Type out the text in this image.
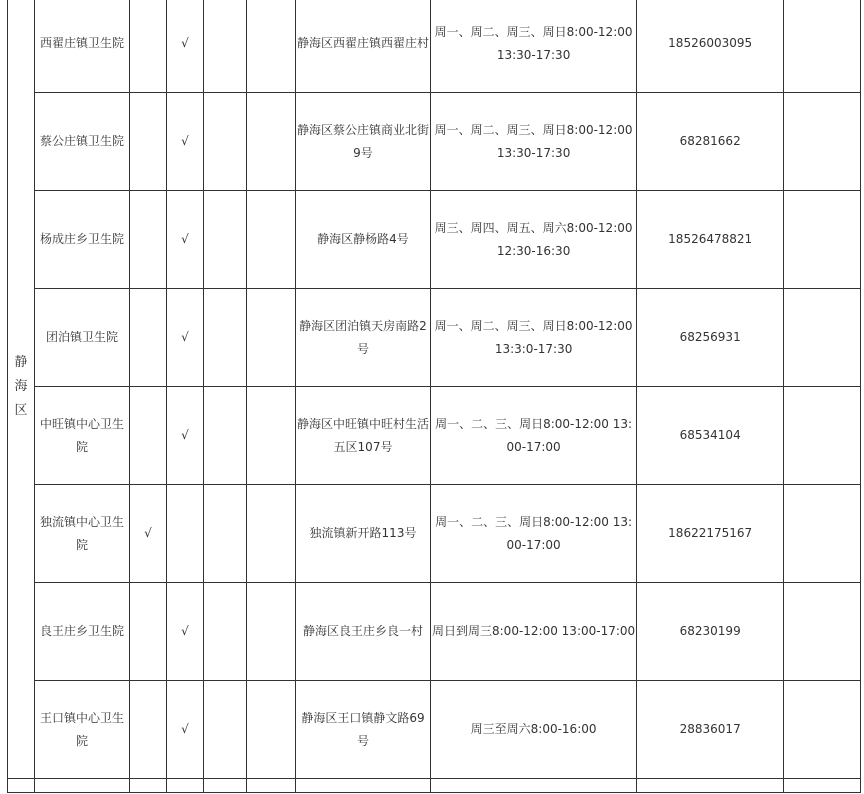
静海区	西翟庄镇卫生院		√			静海区西翟庄镇西翟庄村	周一、周二、周三、周日8:00-12:00 13:30-17:30	18526003095	
	蔡公庄镇卫生院		√			静海区蔡公庄镇商业北街9号	周一、周二、周三、周日8:00-12:00 13:30-17:30	68281662	
	杨成庄乡卫生院		√			静海区静杨路4号	周三、周四、周五、周六8:00-12:00 12:30-16:30	18526478821	
	团泊镇卫生院		√			静海区团泊镇天房南路2号	周一、周二、周三、周日8:00-12:00 13:3:0-17:30	68256931	
	中旺镇中心卫生院		√			静海区中旺镇中旺村生活五区107号	周一、二、三、周日8:00-12:00 13:00-17:00	68534104	
	独流镇中心卫生院	√				独流镇新开路113号	周一、二、三、周日8:00-12:00 13:00-17:00	18622175167	
	良王庄乡卫生院		√			静海区良王庄乡良一村	周日到周三8:00-12:00 13:00-17:00	68230199	
	王口镇中心卫生院		√			静海区王口镇静文路69号	周三至周六8:00-16:00	28836017	
